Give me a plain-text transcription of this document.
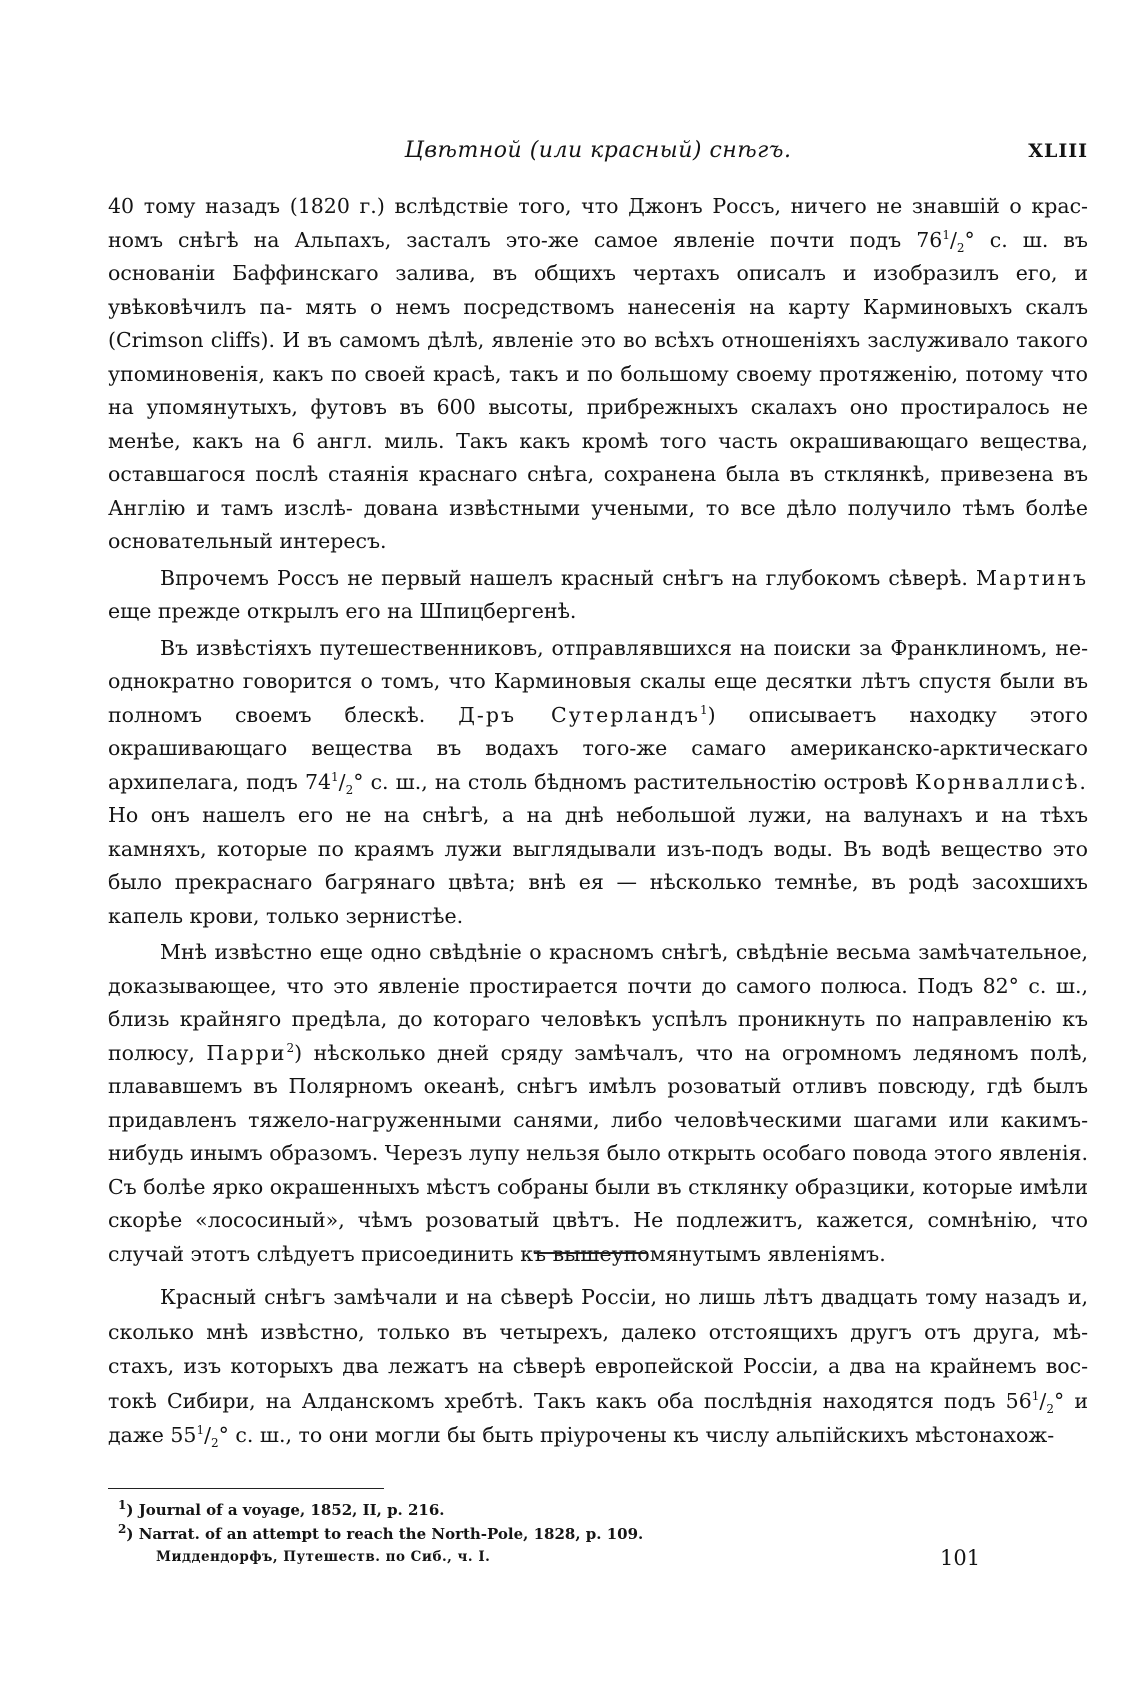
Цвѣтной (или красный) снѣгъ.	XLIII

40 тому назадъ (1820 г.) вслѣдствіе того, что Джонъ Россъ, ничего не знавшій о крас- номъ снѣгѣ на Альпахъ, засталъ это-же самое явленіе почти подъ $76^1/_2^\circ$ с. ш. въ основаніи Баффинскаго залива, въ общихъ чертахъ описалъ и изобразилъ его, и увѣковѣчилъ па- мять о немъ посредствомъ нанесенія на карту Карминовыхъ скалъ (Crimson cliffs). И въ самомъ дѣлѣ, явленіе это во всѣхъ отношеніяхъ заслуживало такого упоминовенія, какъ по своей красѣ, такъ и по большому своему протяженію, потому что на упомянутыхъ, футовъ въ 600 высоты, прибрежныхъ скалахъ оно простиралось не менѣе, какъ на 6 англ. миль. Такъ какъ кромѣ того часть окрашивающаго вещества, оставшагося послѣ стаянія краснаго снѣга, сохранена была въ стклянкѣ, привезена въ Англію и тамъ изслѣ- дована извѣстными учеными, то все дѣло получило тѣмъ болѣе основательный интересъ.

Впрочемъ Россъ не первый нашелъ красный снѣгъ на глубокомъ сѣверѣ. Мартинъ еще прежде открылъ его на Шпицбергенѣ.

Въ извѣстіяхъ путешественниковъ, отправлявшихся на поиски за Франклиномъ, не- однократно говорится о томъ, что Карминовыя скалы еще десятки лѣтъ спустя были въ полномъ своемъ блескѣ. Д-ръ Сутерландъ$^1$) описываетъ находку этого окрашивающаго вещества въ водахъ того-же самаго американско-арктическаго архипелага, подъ $74^1/_2^\circ$ с. ш., на столь бѣдномъ растительностію островѣ Корнваллисѣ. Но онъ нашелъ его не на снѣгѣ, а на днѣ небольшой лужи, на валунахъ и на тѣхъ камняхъ, которые по краямъ лужи выглядывали изъ-подъ воды. Въ водѣ вещество это было прекраснаго багрянаго цвѣта; внѣ ея — нѣсколько темнѣе, въ родѣ засохшихъ капель крови, только зернистѣе.

Мнѣ извѣстно еще одно свѣдѣніе о красномъ снѣгѣ, свѣдѣніе весьма замѣчательное, доказывающее, что это явленіе простирается почти до самого полюса. Подъ 82° с. ш., близь крайняго предѣла, до котораго человѣкъ успѣлъ проникнуть по направленію къ полюсу, Парри$^2$) нѣсколько дней сряду замѣчалъ, что на огромномъ ледяномъ полѣ, плававшемъ въ Полярномъ океанѣ, снѣгъ имѣлъ розоватый отливъ повсюду, гдѣ былъ придавленъ тяжело-нагруженными санями, либо человѣческими шагами или какимъ- нибудь инымъ образомъ. Черезъ лупу нельзя было открыть особаго повода этого явленія. Съ болѣе ярко окрашенныхъ мѣстъ собраны были въ стклянку образцики, которые имѣли скорѣе «лососиный», чѣмъ розоватый цвѣтъ. Не подлежитъ, кажется, сомнѣнію, что случай этотъ слѣдуетъ присоединить къ вышеупомянутымъ явленіямъ.

Красный снѣгъ замѣчали и на сѣверѣ Россіи, но лишь лѣтъ двадцать тому назадъ и, сколько мнѣ извѣстно, только въ четырехъ, далеко отстоящихъ другъ отъ друга, мѣ- стахъ, изъ которыхъ два лежатъ на сѣверѣ европейской Россіи, а два на крайнемъ вос- токѣ Сибири, на Алданскомъ хребтѣ. Такъ какъ оба послѣднія находятся подъ $56^1/_2^\circ$ и даже $55^1/_2^\circ$ с. ш., то они могли бы быть пріурочены къ числу альпійскихъ мѣстонахож-

$^1$) Journal of a voyage, 1852, II, p. 216.
$^2$) Narrat. of an attempt to reach the North-Pole, 1828, p. 109.
Миддендорфъ, Путешеств. по Сиб., ч. I.	101
